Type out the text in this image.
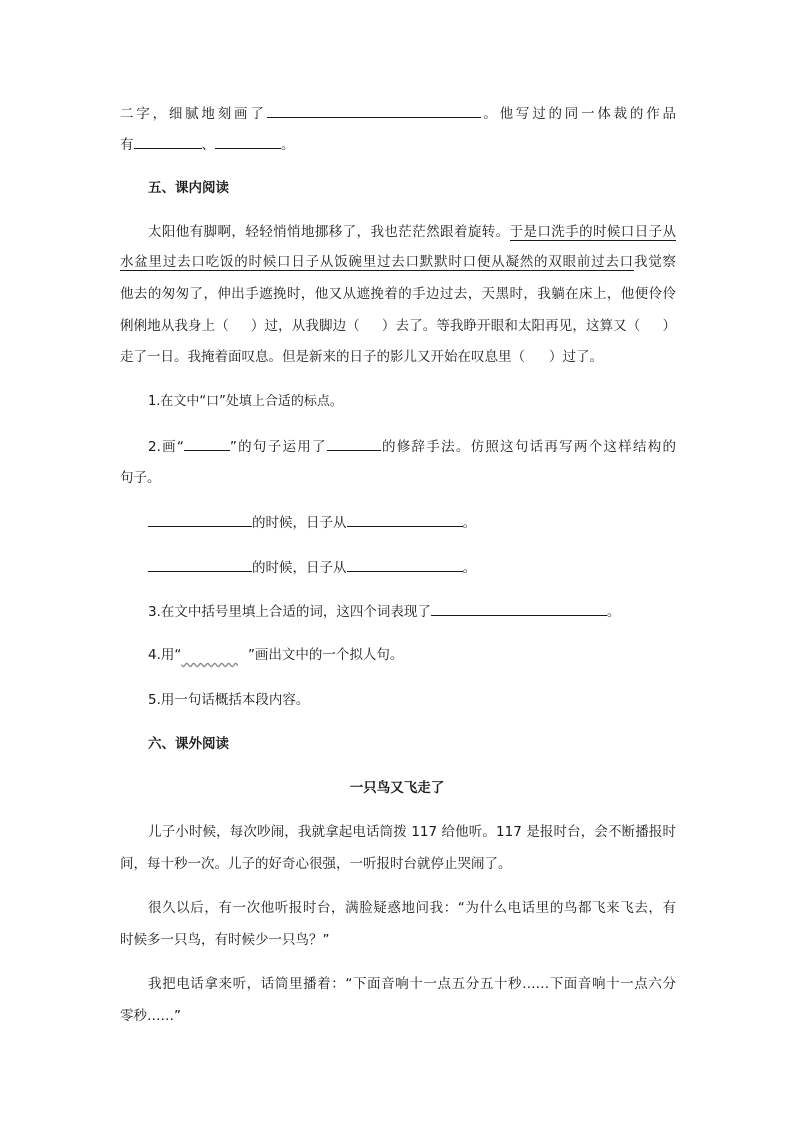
二字，细腻地刻画了	。他写过的同一体裁的作品
有	、	。
五、课内阅读
太阳他有脚啊，轻轻悄悄地挪移了，我也茫茫然跟着旋转。于是口洗手的时候口日子从
水盆里过去口吃饭的时候口日子从饭碗里过去口默默时口便从凝然的双眼前过去口我觉察
他去的匆匆了，伸出手遮挽时，他又从遮挽着的手边过去，天黑时，我躺在床上，他便伶伶
俐俐地从我身上（ ）过，从我脚边（ ）去了。等我睁开眼和太阳再见，这算又（ ）
走了一日。我掩着面叹息。但是新来的日子的影儿又开始在叹息里（ ）过了。
1.在文中“口”处填上合适的标点。
2.画“	”的句子运用了	的修辞手法。仿照这句话再写两个这样结构的
句子。
的时候，日子从	。
的时候，日子从	。
3.在文中括号里填上合适的词，这四个词表现了	。
4.用“	”画出文中的一个拟人句。
5.用一句话概括本段内容。
六、课外阅读
一只鸟又飞走了
儿子小时候，每次吵闹，我就拿起电话筒拨 117 给他听。117 是报时台，会不断播报时
间，每十秒一次。儿子的好奇心很强，一听报时台就停止哭闹了。
很久以后，有一次他听报时台，满脸疑惑地问我：“为什么电话里的鸟都飞来飞去，有
时候多一只鸟，有时候少一只鸟？”
我把电话拿来听，话筒里播着：“下面音响十一点五分五十秒……下面音响十一点六分
零秒……”
